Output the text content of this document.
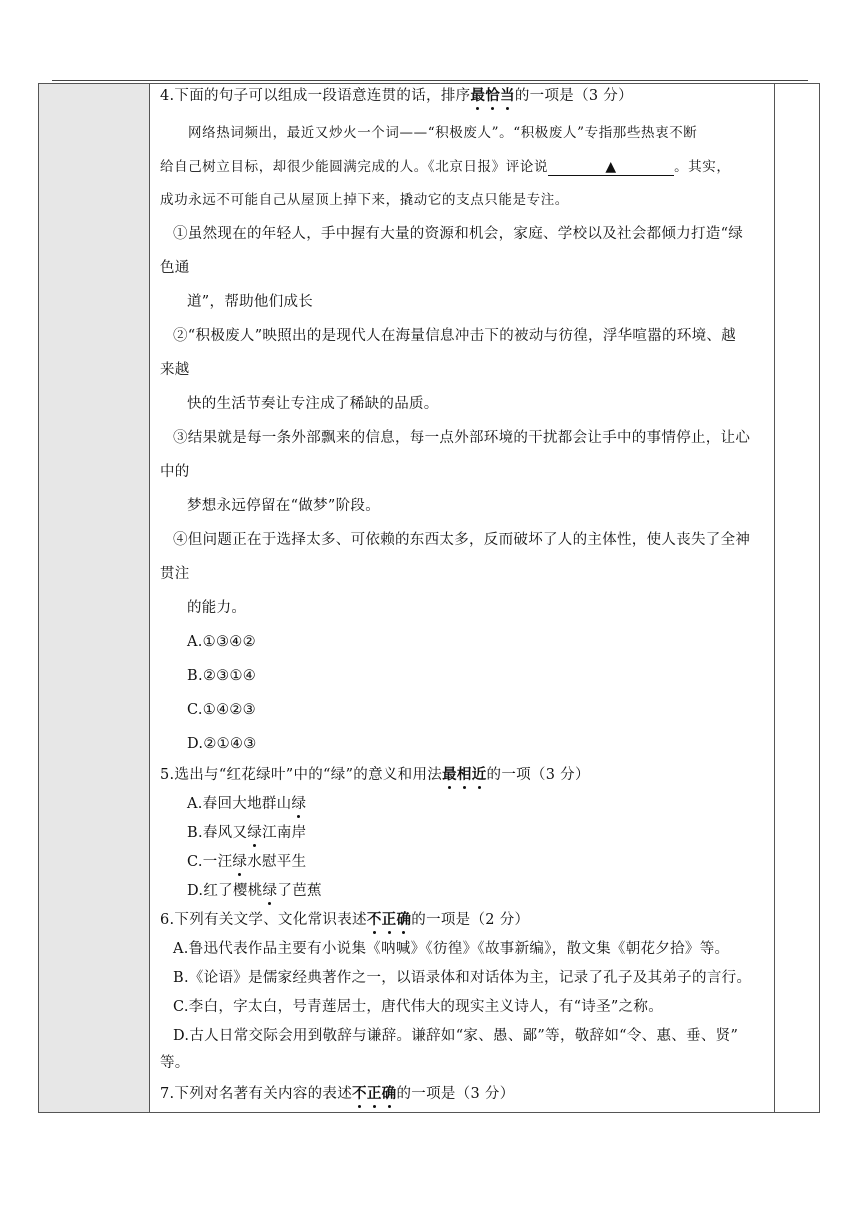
4.下面的句子可以组成一段语意连贯的话，排序最恰当的一项是（3 分）
网络热词频出，最近又炒火一个词——“积极废人”。“积极废人”专指那些热衷不断
给自己树立目标，却很少能圆满完成的人。《北京日报》评论说	▲	。其实，
成功永远不可能自己从屋顶上掉下来，撬动它的支点只能是专注。
①虽然现在的年轻人，手中握有大量的资源和机会，家庭、学校以及社会都倾力打造“绿
色通
道”，帮助他们成长
②“积极废人”映照出的是现代人在海量信息冲击下的被动与彷徨，浮华喧嚣的环境、越
来越
快的生活节奏让专注成了稀缺的品质。
③结果就是每一条外部飘来的信息，每一点外部环境的干扰都会让手中的事情停止，让心
中的
梦想永远停留在“做梦”阶段。
④但问题正在于选择太多、可依赖的东西太多，反而破坏了人的主体性，使人丧失了全神
贯注
的能力。
A.①③④②
B.②③①④
C.①④②③
D.②①④③
5.选出与“红花绿叶”中的“绿”的意义和用法最相近的一项（3 分）
A.春回大地群山绿
B.春风又绿江南岸
C.一汪绿水慰平生
D.红了樱桃绿了芭蕉
6.下列有关文学、文化常识表述不正确的一项是（2 分）
A.鲁迅代表作品主要有小说集《呐喊》《彷徨》《故事新编》，散文集《朝花夕拾》等。
B.《论语》是儒家经典著作之一，以语录体和对话体为主，记录了孔子及其弟子的言行。
C.李白，字太白，号青莲居士，唐代伟大的现实主义诗人，有“诗圣”之称。
D.古人日常交际会用到敬辞与谦辞。谦辞如“家、愚、鄙”等，敬辞如“令、惠、垂、贤”
等。
7.下列对名著有关内容的表述不正确的一项是（3 分）
